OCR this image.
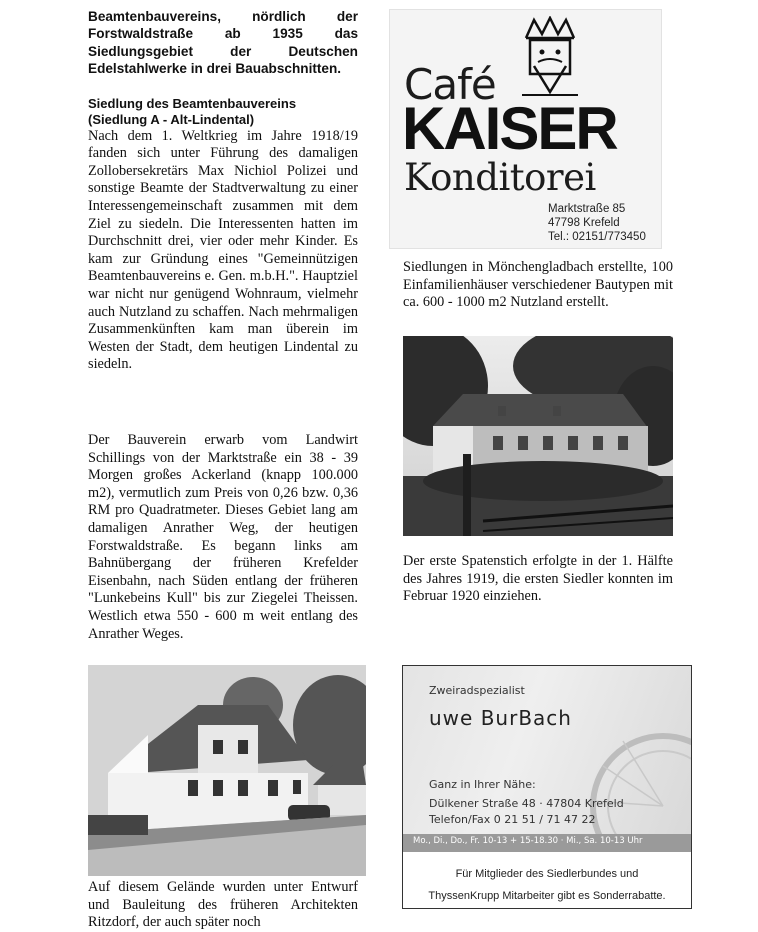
Beamtenbauvereins, nördlich der Forstwaldstraße ab 1935 das Siedlungsgebiet der Deutschen Edelstahlwerke in drei Bauabschnitten.

Siedlung des Beamtenbauvereins

(Siedlung A - Alt-Lindental)

Nach dem 1. Weltkrieg im Jahre 1918/19 fanden sich unter Führung des damaligen Zollobersekretärs Max Nichiol Polizei und sonstige Beamte der Stadtverwaltung zu einer Interessengemeinschaft zusammen mit dem Ziel zu siedeln. Die Interessenten hatten im Durchschnitt drei, vier oder mehr Kinder. Es kam zur Gründung eines "Gemeinnützigen Beamtenbauvereins e. Gen. m.b.H.". Hauptziel war nicht nur genügend Wohnraum, vielmehr auch Nutzland zu schaffen. Nach mehrmaligen Zusammenkünften kam man überein im Westen der Stadt, dem heutigen Lindental zu siedeln.

Der Bauverein erwarb vom Landwirt Schillings von der Marktstraße ein 38 - 39 Morgen großes Ackerland (knapp 100.000 m2), vermutlich zum Preis von 0,26 bzw. 0,36 RM pro Quadratmeter. Dieses Gebiet lang am damaligen Anrather Weg, der heutigen Forstwaldstraße. Es begann links am Bahnübergang der früheren Krefelder Eisenbahn, nach Süden entlang der früheren "Lunkebeins Kull" bis zur Ziegelei Theissen. Westlich etwa 550 - 600 m weit entlang des Anrather Weges.

Café
KAISER
Konditorei
Marktstraße 85
47798 Krefeld
Tel.: 02151/773450

Siedlungen in Mönchengladbach erstellte, 100 Einfamilienhäuser verschiedener Bautypen mit ca. 600 - 1000 m2 Nutzland erstellt.

Der erste Spatenstich erfolgte in der 1. Hälfte des Jahres 1919, die ersten Siedler konnten im Februar 1920 einziehen.

Auf diesem Gelände wurden unter Entwurf und Bauleitung des früheren Architekten Ritzdorf, der auch später noch

Zweiradspezialist
uwe BurBach
Ganz in Ihrer Nähe:
Dülkener Straße 48 · 47804 Krefeld
Telefon/Fax 0 21 51 / 71 47 22
Mo., Di., Do., Fr. 10-13 + 15-18.30 · Mi., Sa. 10-13 Uhr
Für Mitglieder des Siedlerbundes und
ThyssenKrupp Mitarbeiter gibt es Sonderrabatte.
